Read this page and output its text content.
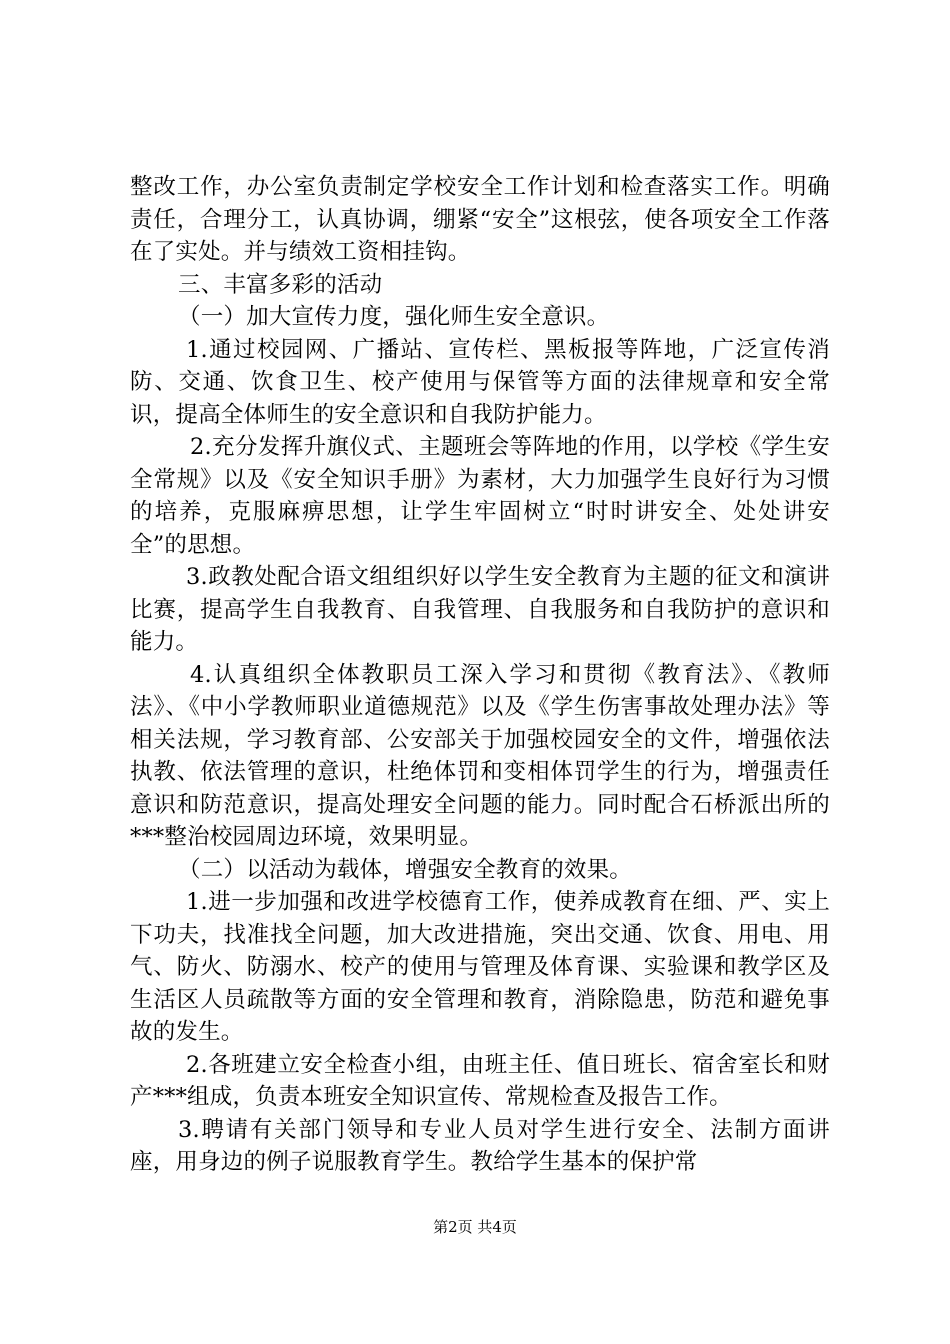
整改工作，办公室负责制定学校安全工作计划和检查落实工作。明确责任，合理分工，认真协调，绷紧“安全”这根弦，使各项安全工作落在了实处。并与绩效工资相挂钩。

三、丰富多彩的活动

（一）加大宣传力度，强化师生安全意识。

1.通过校园网、广播站、宣传栏、黑板报等阵地，广泛宣传消防、交通、饮食卫生、校产使用与保管等方面的法律规章和安全常识，提高全体师生的安全意识和自我防护能力。

2.充分发挥升旗仪式、主题班会等阵地的作用，以学校《学生安全常规》以及《安全知识手册》为素材，大力加强学生良好行为习惯的培养，克服麻痹思想，让学生牢固树立“时时讲安全、处处讲安全”的思想。

3.政教处配合语文组组织好以学生安全教育为主题的征文和演讲比赛，提高学生自我教育、自我管理、自我服务和自我防护的意识和能力。

4.认真组织全体教职员工深入学习和贯彻《教育法》、《教师法》、《中小学教师职业道德规范》以及《学生伤害事故处理办法》等相关法规，学习教育部、公安部关于加强校园安全的文件，增强依法执教、依法管理的意识，杜绝体罚和变相体罚学生的行为，增强责任意识和防范意识，提高处理安全问题的能力。同时配合石桥派出所的***整治校园周边环境，效果明显。

（二）以活动为载体，增强安全教育的效果。

1.进一步加强和改进学校德育工作，使养成教育在细、严、实上下功夫，找准找全问题，加大改进措施，突出交通、饮食、用电、用气、防火、防溺水、校产的使用与管理及体育课、实验课和教学区及生活区人员疏散等方面的安全管理和教育，消除隐患，防范和避免事故的发生。

2.各班建立安全检查小组，由班主任、值日班长、宿舍室长和财产***组成，负责本班安全知识宣传、常规检查及报告工作。

3.聘请有关部门领导和专业人员对学生进行安全、法制方面讲座，用身边的例子说服教育学生。教给学生基本的保护常

第2页 共4页
